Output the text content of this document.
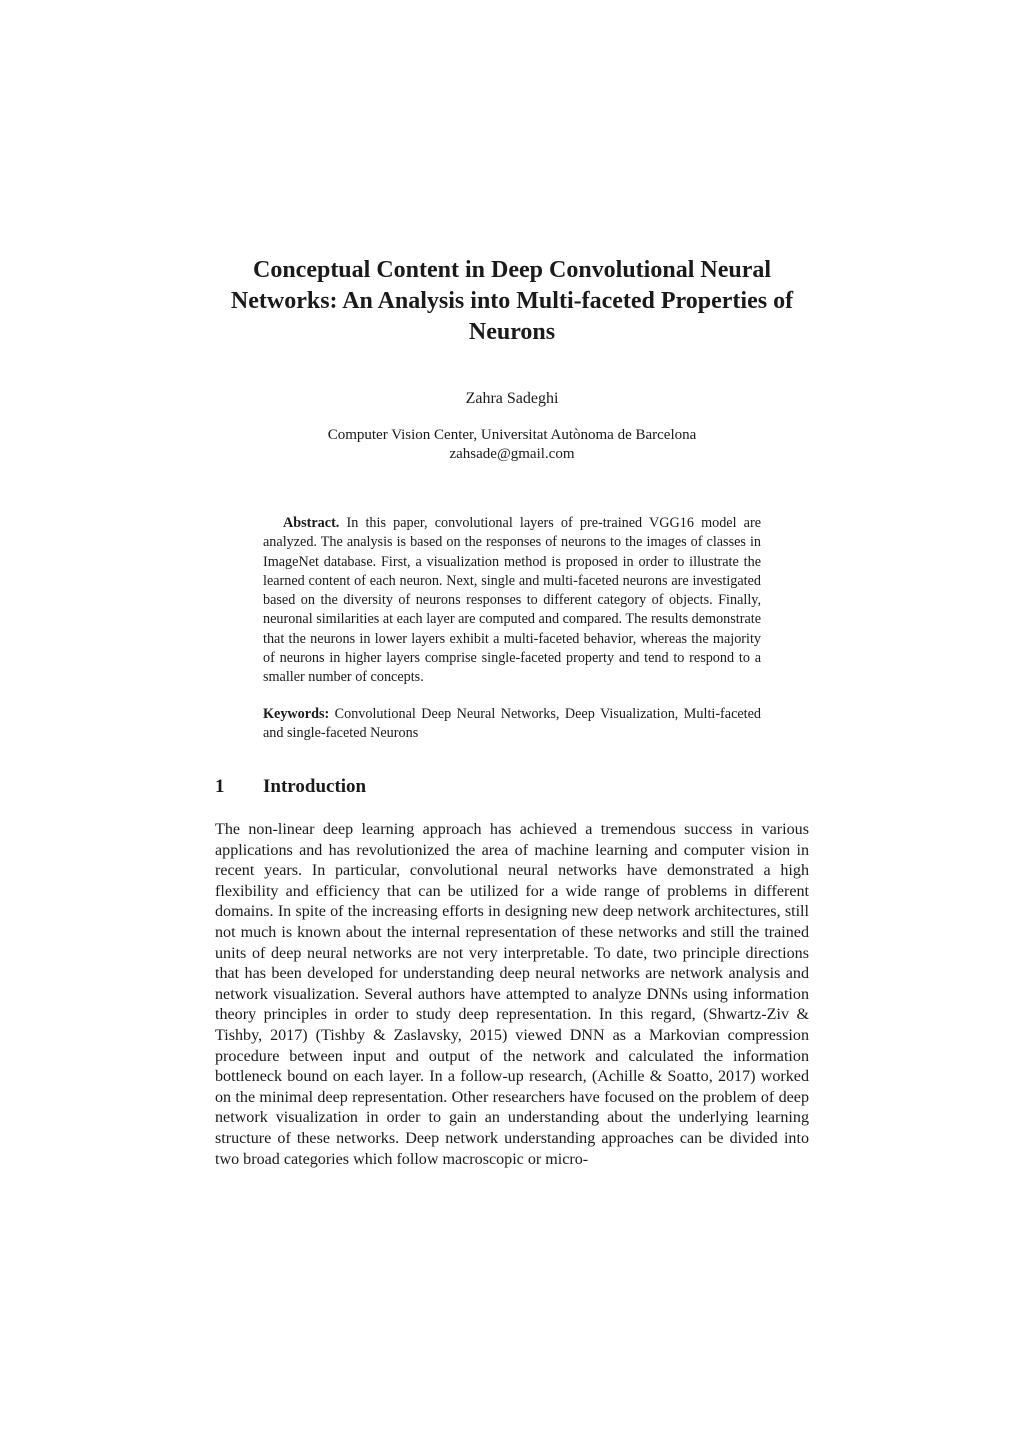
Conceptual Content in Deep Convolutional Neural
Networks: An Analysis into Multi-faceted Properties of
Neurons
Zahra Sadeghi
Computer Vision Center, Universitat Autònoma de Barcelona
zahsade@gmail.com

Abstract. In this paper, convolutional layers of pre-trained VGG16 model are analyzed. The analysis is based on the responses of neurons to the images of classes in ImageNet database. First, a visualization method is proposed in order to illustrate the learned content of each neuron. Next, single and multi-faceted neurons are investigated based on the diversity of neurons responses to different category of objects. Finally, neuronal similarities at each layer are computed and compared. The results demonstrate that the neurons in lower layers exhibit a multi-faceted behavior, whereas the majority of neurons in higher layers comprise single-faceted property and tend to respond to a smaller number of concepts.

Keywords: Convolutional Deep Neural Networks, Deep Visualization, Multi-faceted and single-faceted Neurons

1 Introduction

The non-linear deep learning approach has achieved a tremendous success in various applications and has revolutionized the area of machine learning and computer vision in recent years. In particular, convolutional neural networks have demonstrated a high flexibility and efficiency that can be utilized for a wide range of problems in different domains. In spite of the increasing efforts in designing new deep network architectures, still not much is known about the internal representation of these networks and still the trained units of deep neural networks are not very interpretable. To date, two principle directions that has been developed for understanding deep neural networks are network analysis and network visualization. Several authors have attempted to analyze DNNs using information theory principles in order to study deep representation. In this regard, (Shwartz-Ziv & Tishby, 2017) (Tishby & Zaslavsky, 2015) viewed DNN as a Markovian compression procedure between input and output of the network and calculated the information bottleneck bound on each layer. In a follow-up research, (Achille & Soatto, 2017) worked on the minimal deep representation. Other researchers have focused on the problem of deep network visualization in order to gain an understanding about the underlying learning structure of these networks. Deep network understanding approaches can be divided into two broad categories which follow macroscopic or micro-
